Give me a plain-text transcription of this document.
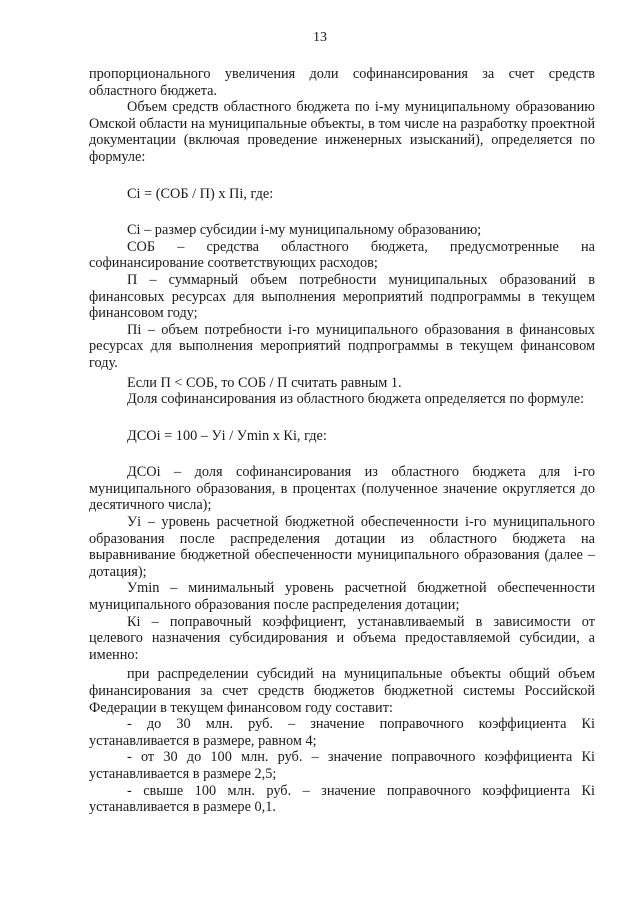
13

пропорционального увеличения доли софинансирования за счет средств областного бюджета.

Объем средств областного бюджета по i-му муниципальному образованию Омской области на муниципальные объекты, в том числе на разработку проектной документации (включая проведение инженерных изысканий), определяется по формуле:

Ci = (СОБ / П) x Пi, где:

Ci – размер субсидии i-му муниципальному образованию;

СОБ – средства областного бюджета, предусмотренные на софинансирование соответствующих расходов;

П – суммарный объем потребности муниципальных образований в финансовых ресурсах для выполнения мероприятий подпрограммы в текущем финансовом году;

Пi – объем потребности i-го муниципального образования в финансовых ресурсах для выполнения мероприятий подпрограммы в текущем финансовом году.

Если П < СОБ, то СОБ / П считать равным 1.

Доля софинансирования из областного бюджета определяется по формуле:

ДСОi = 100 – Уi / Уmin x Кi, где:

ДСОi – доля софинансирования из областного бюджета для i-го муниципального образования, в процентах (полученное значение округляется до десятичного числа);

Уi – уровень расчетной бюджетной обеспеченности i-го муниципального образования после распределения дотации из областного бюджета на выравнивание бюджетной обеспеченности муниципального образования (далее – дотация);

Уmin – минимальный уровень расчетной бюджетной обеспеченности муниципального образования после распределения дотации;

Кi – поправочный коэффициент, устанавливаемый в зависимости от целевого назначения субсидирования и объема предоставляемой субсидии, а именно:

при распределении субсидий на муниципальные объекты общий объем финансирования за счет средств бюджетов бюджетной системы Российской Федерации в текущем финансовом году составит:

- до 30 млн. руб. – значение поправочного коэффициента Кi устанавливается в размере, равном 4;

- от 30 до 100 млн. руб. – значение поправочного коэффициента Кi устанавливается в размере 2,5;

- свыше 100 млн. руб. – значение поправочного коэффициента Кi устанавливается в размере 0,1.
